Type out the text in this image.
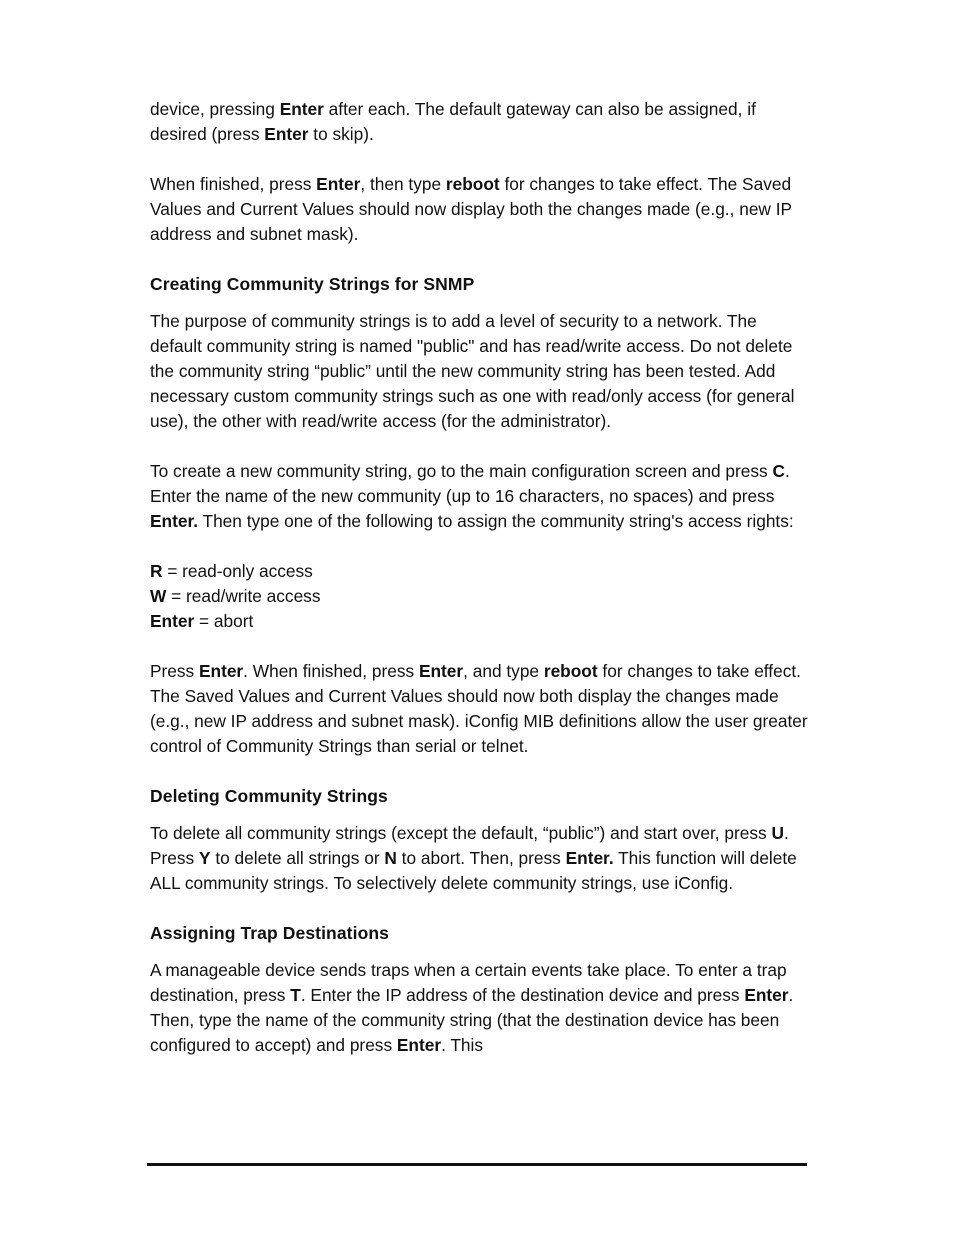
device, pressing Enter after each. The default gateway can also be assigned, if desired (press Enter to skip).

When finished, press Enter, then type reboot for changes to take effect. The Saved Values and Current Values should now display both the changes made (e.g., new IP address and subnet mask).

Creating Community Strings for SNMP

The purpose of community strings is to add a level of security to a network. The default community string is named "public" and has read/write access. Do not delete the community string “public” until the new community string has been tested. Add necessary custom community strings such as one with read/only access (for general use), the other with read/write access (for the administrator).

To create a new community string, go to the main configuration screen and press C. Enter the name of the new community (up to 16 characters, no spaces) and press Enter. Then type one of the following to assign the community string's access rights:

R = read-only access

W = read/write access

Enter = abort

Press Enter. When finished, press Enter, and type reboot for changes to take effect. The Saved Values and Current Values should now both display the changes made (e.g., new IP address and subnet mask). iConfig MIB definitions allow the user greater control of Community Strings than serial or telnet.

Deleting Community Strings

To delete all community strings (except the default, “public”) and start over, press U. Press Y to delete all strings or N to abort. Then, press Enter. This function will delete ALL community strings. To selectively delete community strings, use iConfig.

Assigning Trap Destinations

A manageable device sends traps when a certain events take place. To enter a trap destination, press T. Enter the IP address of the destination device and press Enter. Then, type the name of the community string (that the destination device has been configured to accept) and press Enter. This
